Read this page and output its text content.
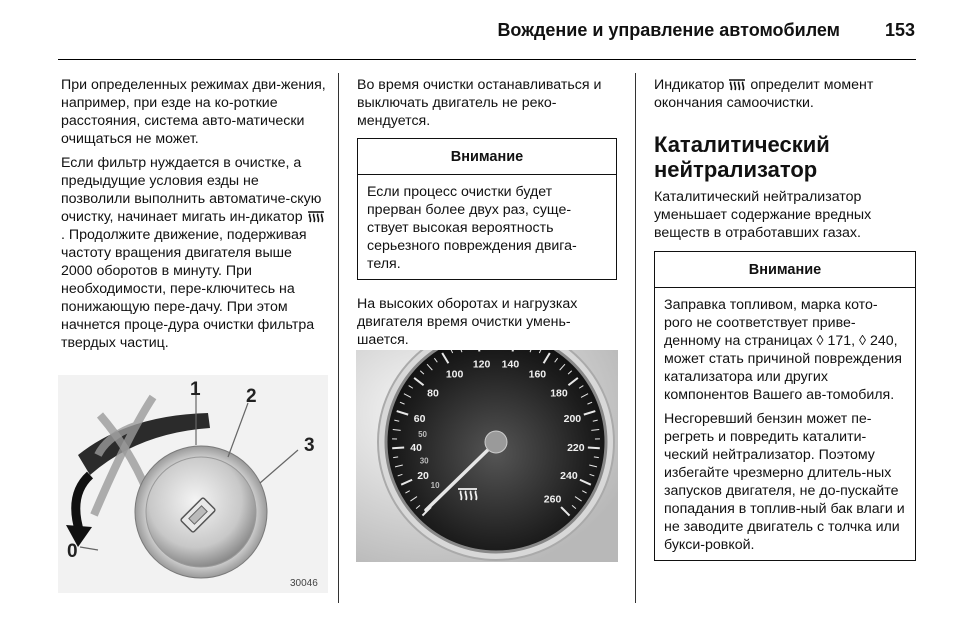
Вождение и управление автомобилем	153

При определенных режимах дви-жения, например, при езде на ко-роткие расстояния, система авто-матически очищаться не может.

Если фильтр нуждается в очистке, а предыдущие условия езды не позволили выполнить автоматиче-скую очистку, начинает мигать ин-дикатор . Продолжите движение, подерживая частоту вращения двигателя выше 2000 оборотов в минуту. При необходимости, пере-ключитесь на понижающую пере-дачу. При этом начнется проце-дура очистки фильтра твердых частиц.

1 2
3
0
30046

Во время очистки останавливаться и выключать двигатель не реко-мендуется.

Внимание
Если процесс очистки будет прерван более двух раз, суще-ствует высокая вероятность серьезного повреждения двига-теля.

На высоких оборотах и нагрузках двигателя время очистки умень-шается.

20
40
60
80
100
120 140
160
180
200
220
240
260
30
50
10

Индикатор  определит момент окончания самоочистки.

Каталитический нейтрализатор

Каталитический нейтрализатор уменьшает содержание вредных веществ в отработавших газах.

Внимание

Заправка топливом, марка кото-рого не соответствует приве-денному на страницах ◊ 171, ◊ 240, может стать причиной повреждения катализатора или других компонентов Вашего ав-томобиля.

Несгоревший бензин может пе-регреть и повредить каталити-ческий нейтрализатор. Поэтому избегайте чрезмерно длитель-ных запусков двигателя, не до-пускайте попадания в топлив-ный бак влаги и не заводите двигатель с толчка или букси-ровкой.
